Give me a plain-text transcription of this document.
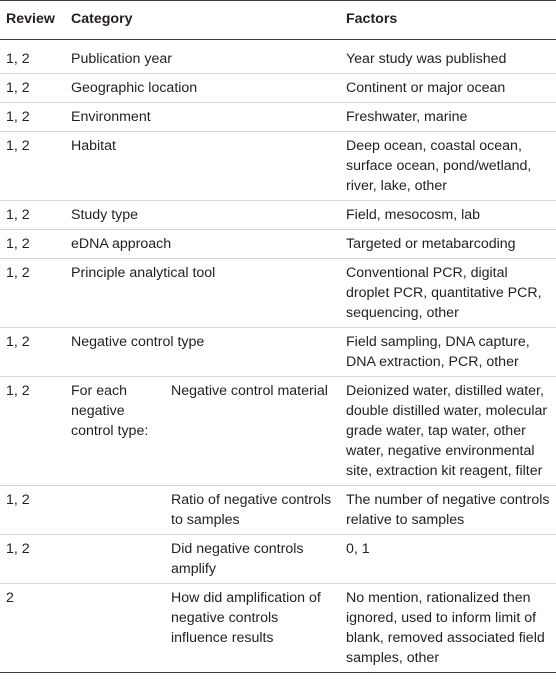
Review	Category		Factors
1, 2	Publication year		Year study was published
1, 2	Geographic location		Continent or major ocean
1, 2	Environment		Freshwater, marine
1, 2	Habitat		Deep ocean, coastal ocean, surface ocean, pond/wetland, river, lake, other
1, 2	Study type		Field, mesocosm, lab
1, 2	eDNA approach		Targeted or metabarcoding
1, 2	Principle analytical tool		Conventional PCR, digital droplet PCR, quantitative PCR, sequencing, other
1, 2	Negative control type		Field sampling, DNA capture, DNA extraction, PCR, other
1, 2	For each negative control type:	Negative control material	Deionized water, distilled water, double distilled water, molecular grade water, tap water, other water, negative environmental site, extraction kit reagent, filter
1, 2		Ratio of negative controls to samples	The number of negative controls relative to samples
1, 2		Did negative controls amplify	0, 1
2		How did amplification of negative controls influence results	No mention, rationalized then ignored, used to inform limit of blank, removed associated field samples, other
